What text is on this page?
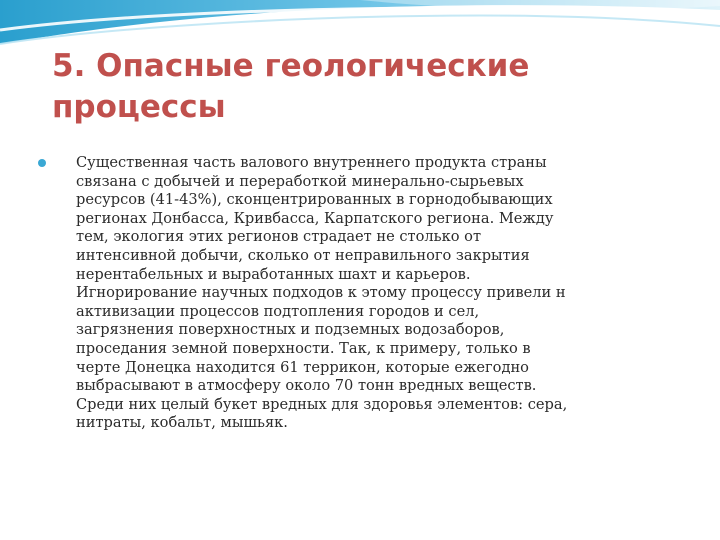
5. Опасные геологические
процессы

Существенная часть валового внутреннего продукта страны
связана с добычей и переработкой минерально-сырьевых
ресурсов (41-43%), сконцентрированных в горнодобывающих
регионах Донбасса, Кривбасса, Карпатского региона. Между
тем, экология этих регионов страдает не столько от
интенсивной добычи, сколько от неправильного закрытия
нерентабельных и выработанных шахт и карьеров.
Игнорирование научных подходов к этому процессу привели н
активизации процессов подтопления городов и сел,
загрязнения поверхностных и подземных водозаборов,
проседания земной поверхности. Так, к примеру, только в
черте Донецка находится 61 террикон, которые ежегодно
выбрасывают в атмосферу около 70 тонн вредных веществ.
Среди них целый букет вредных для здоровья элементов: сера,
нитраты, кобальт, мышьяк.
